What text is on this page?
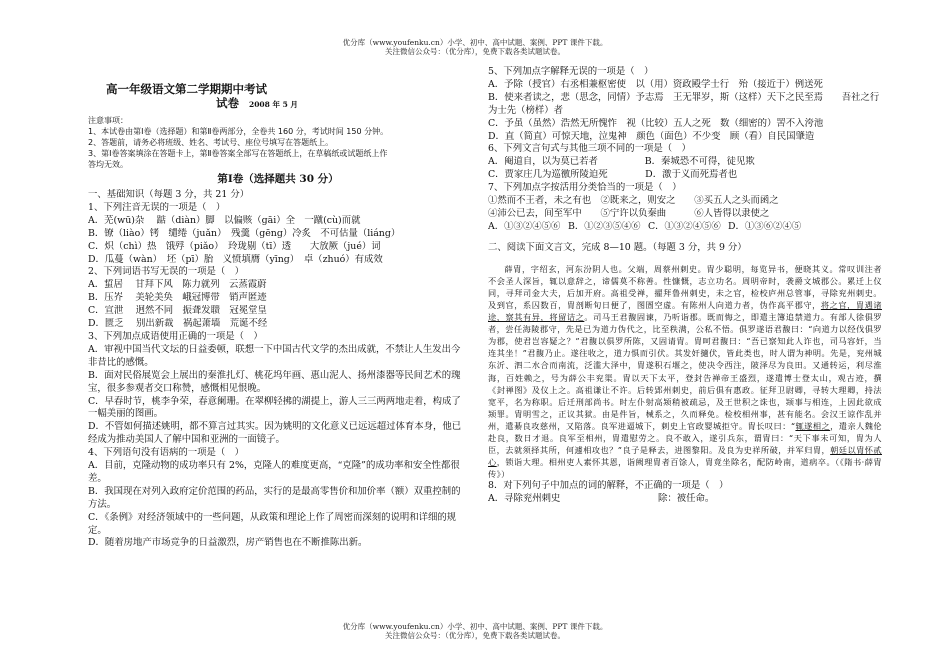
优分库（www.youfenku.cn）小学、初中、高中试题、案例、PPT 课件下载。
关注微信公众号：（优分库），免费下载各类试题试卷。
高一年级语文第二学期期中考试
试卷 2008 年 5 月
注意事项：
1、本试卷由第Ⅰ卷（选择题）和第Ⅱ卷两部分，全卷共 160 分，考试时间 150 分钟。
2、答题前，请务必将班级、姓名、考试号、座位号填写在答题纸上。
3、第Ⅰ卷答案填涂在答题卡上，第Ⅱ卷答案全部写在答题纸上，在草稿纸或试题纸上作
答均无效。
第Ⅰ卷（选择题共 30 分）
一、基础知识（每题 3 分，共 21 分）
1、下列注音无误的一项是（　）
A．芜(wū)杂　 踮（diàn）脚　以偏赅（gāi）全　一蹴(cù)而就
B．镣（liào）铐　缱绻（juǎn）　残羹（gēng）冷炙　不可估量（liáng）
C．炽（chì）热　饿殍（piǎo）　玲珑剔（tī）透　　大放厥（jué）词
D．瓜蔓（wàn）　坯（pī）胎　义愤填膺（yīng）　卓（zhuó）有成效
2、下列词语书写无误的一项是（　）
A．蜇居　 甘拜下风　陈力就列　云蒸霞蔚
B．压岕　 美轮美奂　峨冠博带　销声匿迹
C．宣泄　 迥然不同　振聋发聩　冠冕堂皇
D．匮乏　 别出新裁　祸起萧墙　荒诞不经
3、下列加点成语使用正确的一项是（　）
A．审视中国当代文坛的日益委顿，联想一下中国古代文学的杰出成就，不禁让人生发出今非昔比的感慨。
B．面对民俗展览会上展出的秦淮扎灯、桃花坞年画、惠山泥人、扬州漆器等民间艺术的瑰宝，很多参观者交口称赞，感慨相见恨晚。
C．早春时节，桃李争荣，春意阑珊。在翠柳轻拂的湖提上，游人三三两两地走着，构成了一幅美丽的图画。
D．不管如何描述姚明，都不算言过其实。因为姚明的文化意义已远远超过体育本身，他已经成为推动美国人了解中国和亚洲的一面镜子。
4、下列语句没有语病的一项是（　）
A．目前，克隆动物的成功率只有 2%，克隆人的难度更高，“克隆”的成功率和安全性都很差。
B．我国现在对列入政府定价范围的药品，实行的是最高零售价和加价率（额）双重控制的方法。
C．《条例》对经济领域中的一些问题，从政策和理论上作了周密而深刻的说明和详细的规定。
D．随着房地产市场竞争的日益激烈，房产销售也在不断推陈出新。
5、下列加点字解释无误的一项是（　）
A．予除（授官）右丞相兼枢密使　以（用）资政殿学士行　殆（接近于）例送死
B．使来者读之，悲（思念，同情）予志焉　王无罪岁，斯（这样）天下之民至焉　　吾社之行为士先（榜样）者
C．予虽（虽然）浩然无所愧怍　视（比较）五人之死　数（细密的）罟不入洿池
D．直（简直）可惊天地，泣鬼神　颜色（面色）不少变　顾（看）自民国肇造
6、下列文言句式与其他三项不同的一项是（　）
A．阉道自，以为莫已若者　　　　　B．秦城恐不可得，徒见欺
C．贾家庄几为巡徼所陵迫死　　　　D．激于义而死焉者也
7、下列加点字按活用分类恰当的一项是（　）
①然而不王者，未之有也　②既来之，则安之　　③买五人之头而函之
④沛公已去，间至军中　　⑤宁许以负秦曲　　　⑥人皆得以隶使之
A．①③②④⑤⑥ B．①②③⑤④⑥ C．①③②④⑤⑥ D．①③⑥②④⑤
二、阅读下面文言文，完成 8—10 题。（每题 3 分，共 9 分）
薛胄，字绍玄，河东汾阴人也。父端，周蔡州刺史。胄少聪明，每览异书，便晓其义。常叹训注者不会圣人深旨，辄以意辞之，谛儒莫不称善。性慷慨，志立功名。周明帝时，袭爵文城郡公。累迁上仪同，寻拜司金大夫，后加开府。高祖受禅，擢拜鲁州刺史，未之官，检校庐州总管事，寻除兖州刺史。及到官，系囚数百，胄剖断旬日便了，图圄空虚。有陈州人向道力者，伪作高平郡守，将之官，胄遇诸途，察其有异，将留诘之。司马王君馥固谏，乃听诣郡。既而悔之，即遣主簿追禁道力。有部人徐俱罗者，尝任海陵郡守，先是已为道力伪代之，比至秩满，公私不悟。俱罗遂语君馥曰：“向道力以经伐俱罗为郡，使君岂容疑之？”君馥以俱罗所陈，又固请胄。胄呵君馥曰：“吾已察知此人诈也，司马容奸，当连其坐！”君馥乃止。遂往收之，道力惧而引伏。其发奸擿伏，皆此类也，时人谓为神明。先是，兖州城东沂、泗二水合而南流，泛滥大泽中，胄遂积石堰之，使决令西注，陂泽尽为良田。又通转运，利尽淮海，百姓赖之，号为薛公丰兖渠。胄以天下太平，登封告禅帝王盛烈，遂遣博士登太山，观古迹，撰《封禅图》及仪上之。高祖谦让不许。后转郢州刺史，前后俱有惠政。征拜卫尉卿，寻转大理卿，持法宽平，名为称职。后迁刑部尚书。时左仆射高颎稍被疏忌，及王世积之诛也，颎事与相连，上因此欲成颎罪。胄明雪之，正议其狱。由是件旨，械系之，久而释免。检校相州事，甚有能名。会汉王谅作乱并州，遣綦良攻慈州，又陷落。良军进逼城下，刺史上官政婴城拒守。胄长叹曰：“辄遂相之，遣亲人魏伦赴良，数日才退。良军至相州，胄遣慰劳之。良不敢入，遂引兵东，谓胄曰：“天下事未可知，胄为人臣，去就须择其所，何遽相攻也？”良子是释去，进图黎阳。及良为史祥所破，并军归胄，朝廷以胄怀贰心，锁诣大理。相州吏人素怀其恩，诣阙理胄者百馀人，胄竟坐除名，配防岭南，道病卒。（《隋书·薛胄传》）
8．对下列句子中加点的词的解释，不正确的一项是（　）
A．寻除兖州刺史	除：被任命。
优分库（www.youfenku.cn）小学、初中、高中试题、案例、PPT 课件下载。
关注微信公众号：（优分库），免费下载各类试题试卷。
